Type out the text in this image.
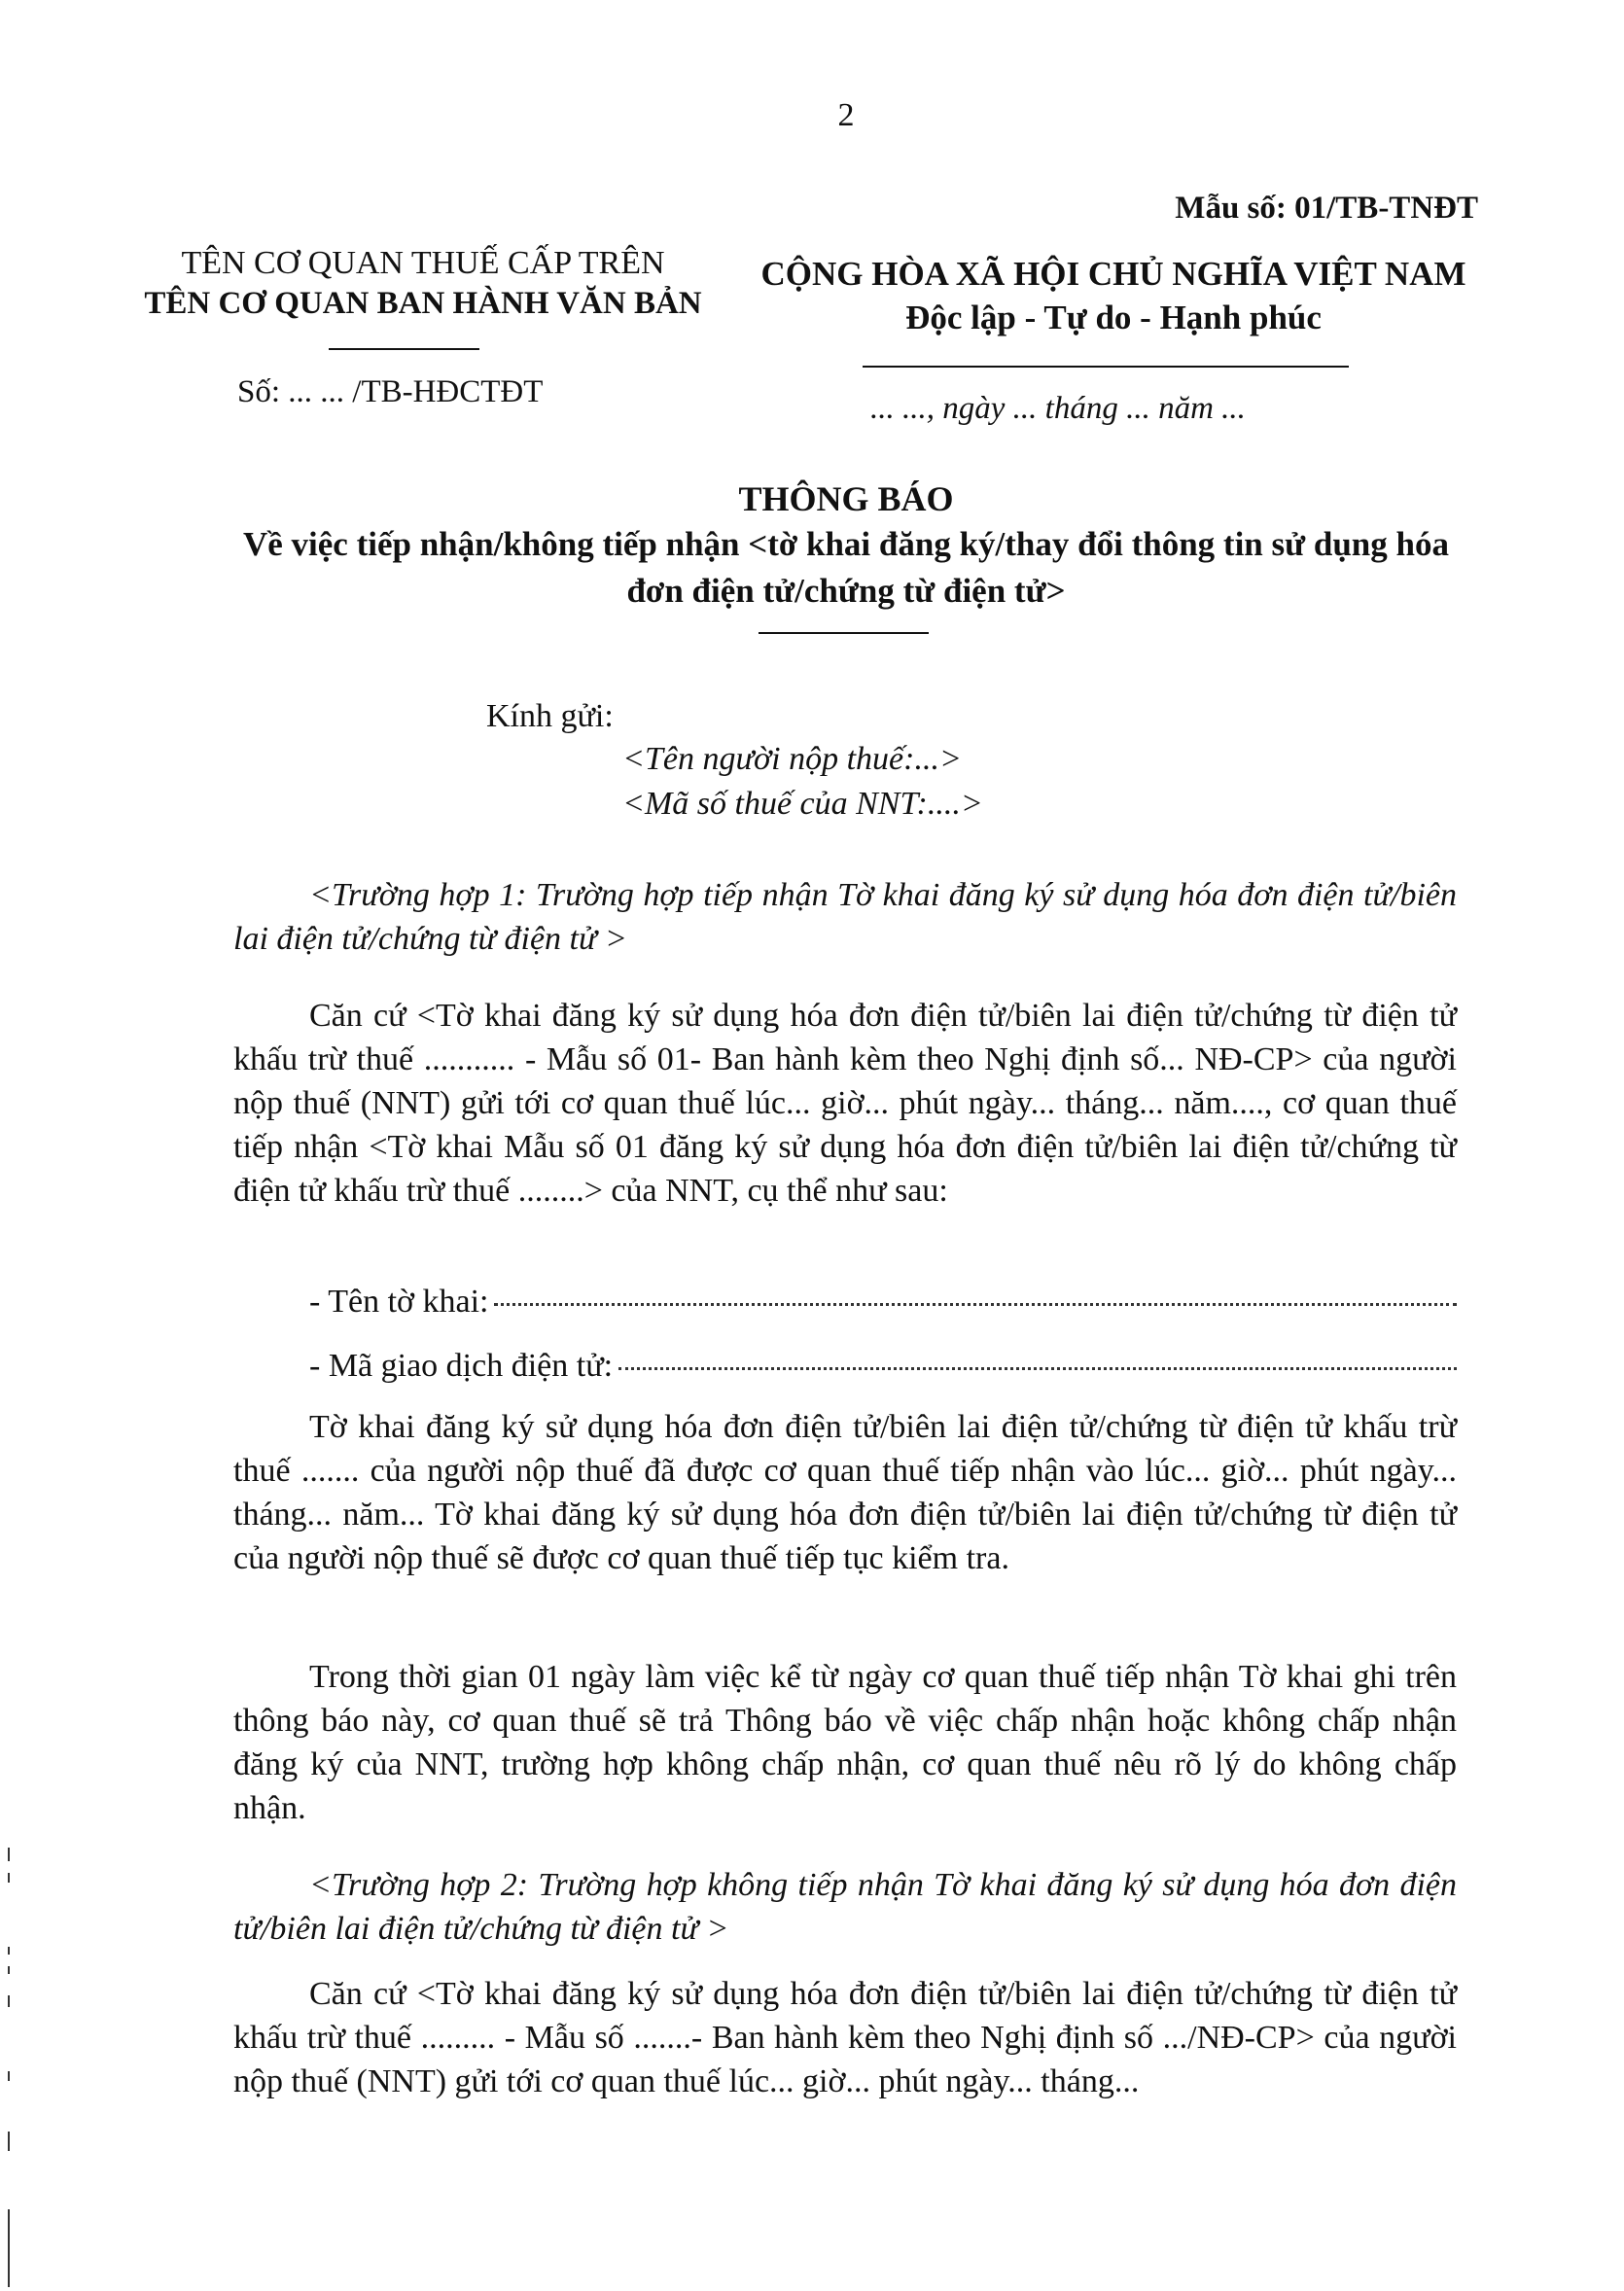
2
Mẫu số: 01/TB-TNĐT
TÊN CƠ QUAN THUẾ CẤP TRÊN
TÊN CƠ QUAN BAN HÀNH VĂN BẢN
CỘNG HÒA XÃ HỘI CHỦ NGHĨA VIỆT NAM
Độc lập - Tự do - Hạnh phúc
Số: ... ... /TB-HĐCTĐT	... ..., ngày ... tháng ... năm ...
THÔNG BÁO
Về việc tiếp nhận/không tiếp nhận <tờ khai đăng ký/thay đổi thông tin sử dụng hóa đơn điện tử/chứng từ điện tử>
Kính gửi:
<Tên người nộp thuế:...>
<Mã số thuế của NNT:....>

<Trường hợp 1: Trường hợp tiếp nhận Tờ khai đăng ký sử dụng hóa đơn điện tử/biên lai điện tử/chứng từ điện tử >

Căn cứ <Tờ khai đăng ký sử dụng hóa đơn điện tử/biên lai điện tử/chứng từ điện tử khấu trừ thuế ........... - Mẫu số 01- Ban hành kèm theo Nghị định số... NĐ-CP> của người nộp thuế (NNT) gửi tới cơ quan thuế lúc... giờ... phút ngày... tháng... năm...., cơ quan thuế tiếp nhận <Tờ khai Mẫu số 01 đăng ký sử dụng hóa đơn điện tử/biên lai điện tử/chứng từ điện tử khấu trừ thuế ........> của NNT, cụ thể như sau:

- Tên tờ khai:
- Mã giao dịch điện tử:

Tờ khai đăng ký sử dụng hóa đơn điện tử/biên lai điện tử/chứng từ điện tử khấu trừ thuế ....... của người nộp thuế đã được cơ quan thuế tiếp nhận vào lúc... giờ... phút ngày... tháng... năm... Tờ khai đăng ký sử dụng hóa đơn điện tử/biên lai điện tử/chứng từ điện tử của người nộp thuế sẽ được cơ quan thuế tiếp tục kiểm tra.

Trong thời gian 01 ngày làm việc kể từ ngày cơ quan thuế tiếp nhận Tờ khai ghi trên thông báo này, cơ quan thuế sẽ trả Thông báo về việc chấp nhận hoặc không chấp nhận đăng ký của NNT, trường hợp không chấp nhận, cơ quan thuế nêu rõ lý do không chấp nhận.

<Trường hợp 2: Trường hợp không tiếp nhận Tờ khai đăng ký sử dụng hóa đơn điện tử/biên lai điện tử/chứng từ điện tử >

Căn cứ <Tờ khai đăng ký sử dụng hóa đơn điện tử/biên lai điện tử/chứng từ điện tử khấu trừ thuế ......... - Mẫu số .......- Ban hành kèm theo Nghị định số .../NĐ-CP> của người nộp thuế (NNT) gửi tới cơ quan thuế lúc... giờ... phút ngày... tháng...
